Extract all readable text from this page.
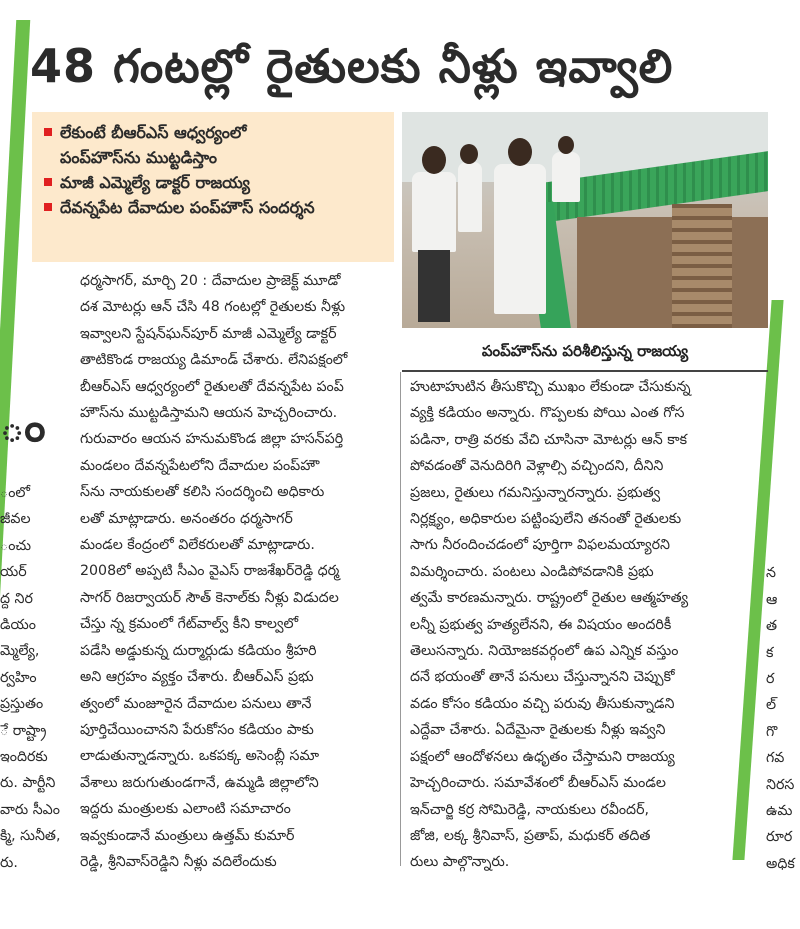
48 గంటల్లో రైతులకు నీళ్లు ఇవ్వాలి
లేకుంటే బీఆర్ఎస్ ఆధ్వర్యంలో
పంప్‌హౌస్‌ను ముట్టడిస్తాం
మాజీ ఎమ్మెల్యే డాక్టర్ రాజయ్య
దేవన్నపేట దేవాదుల పంప్‌హౌస్ సందర్శన
పంప్‌హౌస్‌ను పరిశీలిస్తున్న రాజయ్య

ధర్మసాగర్, మార్చి 20 : దేవాదుల ప్రాజెక్ట్ మూడో

దశ మోటర్లు ఆన్ చేసి 48 గంటల్లో రైతులకు నీళ్లు

ఇవ్వాలని స్టేషన్‌ఘన్‌పూర్ మాజీ ఎమ్మెల్యే డాక్టర్

తాటికొండ రాజయ్య డిమాండ్ చేశారు. లేనిపక్షంలో

బీఆర్ఎస్ ఆధ్వర్యంలో రైతులతో దేవన్నపేట పంప్

హౌస్‌ను ముట్టడిస్తామని ఆయన హెచ్చరించారు.

గురువారం ఆయన హనుమకొండ జిల్లా హసన్‌పర్తి

మండలం దేవన్నపేటలోని దేవాదుల పంప్‌హౌ

స్‌ను నాయకులతో కలిసి సందర్శించి అధికారు

లతో మాట్లాడారు. అనంతరం ధర్మసాగర్

మండల కేంద్రంలో విలేకరులతో మాట్లాడారు.

2008లో అప్పటి సీఎం వైఎస్ రాజశేఖర్‌రెడ్డి ధర్మ

సాగర్ రిజర్వాయర్ సౌత్ కెనాల్‌కు నీళ్లు విడుదల

చేస్తు న్న క్రమంలో గేట్‌వాల్వ్ కీని కాల్వలో

పడేసి అడ్డుకున్న దుర్మార్గుడు కడియం శ్రీహరి

అని ఆగ్రహం వ్యక్తం చేశారు. బీఆర్ఎస్ ప్రభు

త్వంలో మంజూరైన దేవాదుల పనులు తానే

పూర్తిచేయించానని పేరుకోసం కడియం పాకు

లాడుతున్నాడన్నారు. ఒకపక్క అసెంబ్లీ సమా

వేశాలు జరుగుతుండగానే, ఉమ్మడి జిల్లాలోని

ఇద్దరు మంత్రులకు ఎలాంటి సమాచారం

ఇవ్వకుండానే మంత్రులు ఉత్తమ్ కుమార్

రెడ్డి, శ్రీనివాస్‌రెడ్డిని నీళ్లు వదిలేందుకు

హుటాహుటిన తీసుకొచ్చి ముఖం లేకుండా చేసుకున్న

వ్యక్తి కడియం అన్నారు. గొప్పలకు పోయి ఎంత గోస

పడినా, రాత్రి వరకు వేచి చూసినా మోటర్లు ఆన్ కాక

పోవడంతో వెనుదిరిగి వెళ్లాల్సి వచ్చిందని, దీనిని

ప్రజలు, రైతులు గమనిస్తున్నారన్నారు. ప్రభుత్వ

నిర్లక్ష్యం, అధికారుల పట్టింపులేని తనంతో రైతులకు

సాగు నీరందించడంలో పూర్తిగా విఫలమయ్యారని

విమర్శించారు. పంటలు ఎండిపోవడానికి ప్రభు

త్వమే కారణమన్నారు. రాష్ట్రంలో రైతుల ఆత్మహత్య

లన్నీ ప్రభుత్వ హత్యలేనని, ఈ విషయం అందరికీ

తెలుసన్నారు. నియోజకవర్గంలో ఉప ఎన్నిక వస్తుం

దనే భయంతో తానే పనులు చేస్తున్నానని చెప్పుకో

వడం కోసం కడియం వచ్చి పరువు తీసుకున్నాడని

ఎద్దేవా చేశారు. ఏదేమైనా రైతులకు నీళ్లు ఇవ్వని

పక్షంలో ఆందోళనలు ఉధృతం చేస్తామని రాజయ్య

హెచ్చరించారు. సమావేశంలో బీఆర్ఎస్ మండల

ఇన్‌చార్జి కర్ర సోమిరెడ్డి, నాయకులు రవీందర్,

జోజి, లక్క శ్రీనివాస్, ప్రతాప్, మధుకర్ తదిత

రులు పాల్గొన్నారు.

ం

ంలో

జీవల

ంచు

యర్

ద్ద నిర

డియం

మ్మెల్యే,

ర్వహిం

ప్రస్తుతం

ే రాష్ట్రా

ఇందిరకు

రు. పార్టీని

వారు సీఎం

క్మి, సునీత,

రు.

న

ఆ

త

క

ర

ల్

గొ

గవ

నిరస

ఉమ

రూర

అధిక
